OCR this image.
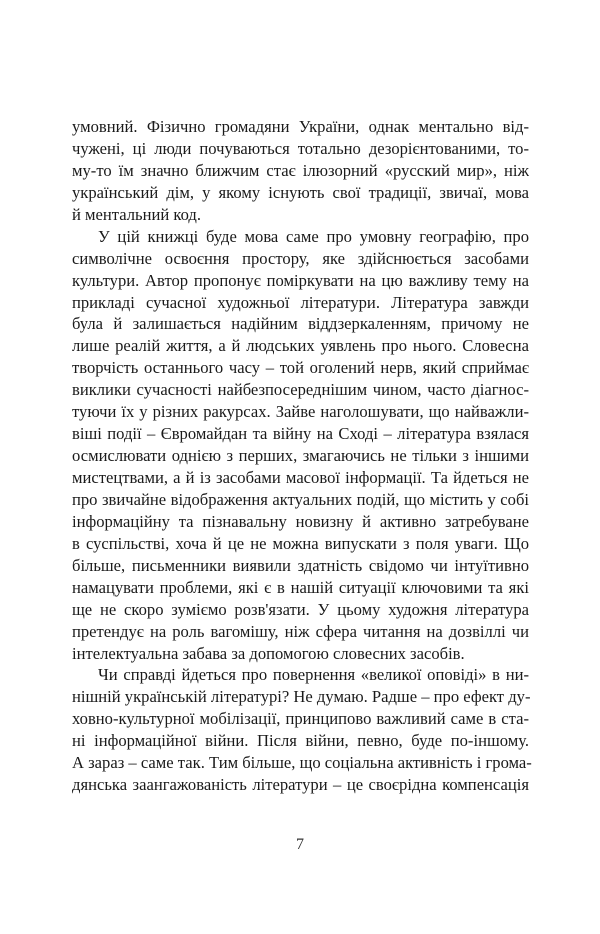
умовний. Фізично громадяни України, однак ментально від-
чужені, ці люди почуваються тотально дезорієнтованими, то-
му-то їм значно ближчим стає ілюзорний «русский мир», ніж
український дім, у якому існують свої традиції, звичаї, мова
й ментальний код.
У цій книжці буде мова саме про умовну географію, про
символічне освоєння простору, яке здійснюється засобами
культури. Автор пропонує поміркувати на цю важливу тему на
прикладі сучасної художньої літератури. Література завжди
була й залишається надійним віддзеркаленням, причому не
лише реалій життя, а й людських уявлень про нього. Словесна
творчість останнього часу – той оголений нерв, який сприймає
виклики сучасності найбезпосереднішим чином, часто діагнос-
туючи їх у різних ракурсах. Зайве наголошувати, що найважли-
віші події – Євромайдан та війну на Сході – література взялася
осмислювати однією з перших, змагаючись не тільки з іншими
мистецтвами, а й із засобами масової інформації. Та йдеться не
про звичайне відображення актуальних подій, що містить у собі
інформаційну та пізнавальну новизну й активно затребуване
в суспільстві, хоча й це не можна випускати з поля уваги. Що
більше, письменники виявили здатність свідомо чи інтуїтивно
намацувати проблеми, які є в нашій ситуації ключовими та які
ще не скоро зуміємо розв'язати. У цьому художня література
претендує на роль вагомішу, ніж сфера читання на дозвіллі чи
інтелектуальна забава за допомогою словесних засобів.
Чи справді йдеться про повернення «великої оповіді» в ни-
нішній українській літературі? Не думаю. Радше – про ефект ду-
ховно-культурної мобілізації, принципово важливий саме в ста-
ні інформаційної війни. Після війни, певно, буде по-іншому.
А зараз – саме так. Тим більше, що соціальна активність і грома-
дянська заангажованість літератури – це своєрідна компенсація
7
